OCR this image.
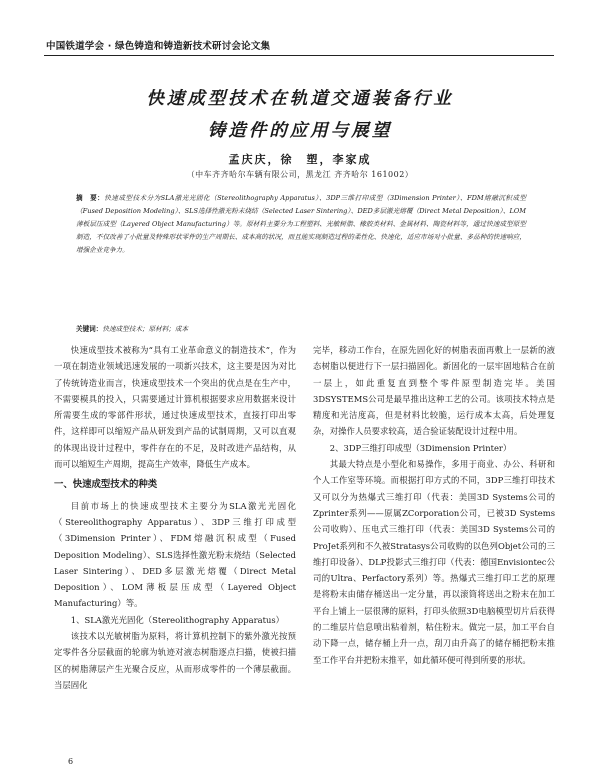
中国铁道学会 · 绿色铸造和铸造新技术研讨会论文集
快速成型技术在轨道交通装备行业
铸造件的应用与展望
孟庆庆，徐　塑，李家成
（中车齐齐哈尔车辆有限公司，黑龙江 齐齐哈尔 161002）
摘　要：快速成型技术分为SLA激光光固化（Stereolithography Apparatus）、3DP三维打印成型（3Dimension Printer）、FDM熔融沉积成型（Fused Deposition Modeling）、SLS选择性激光粉末烧结（Selected Laser Sintering）、DED多层激光熔覆（Direct Metal Deposition）、LOM薄板层压成型（Layered Object Manufacturing）等。原材料主要分为工程塑料、光敏树脂、橡胶类材料、金属材料、陶瓷材料等，通过快速成型原型制造，不仅改善了小批量及特殊形状零件的生产周期长、成本高的状况，而且能实现制造过程的柔性化、快速化，适应市场对小批量、多品种的快速响应，增强企业竞争力。
关键词：快速成型技术；原材料；成本

快速成型技术被称为“具有工业革命意义的制造技术”，作为一项在制造业领域迅速发展的一项新兴技术，这主要是因为对比了传统铸造业而言，快速成型技术一个突出的优点是在生产中，不需要模具的投入，只需要通过计算机根据要求应用数据来设计所需要生成的零部件形状，通过快速成型技术，直接打印出零件，这样即可以缩短产品从研发到产品的试制周期，又可以直观的体现出设计过程中，零件存在的不足，及时改进产品结构，从而可以缩短生产周期，提高生产效率，降低生产成本。

一、快速成型技术的种类

目前市场上的快速成型技术主要分为SLA激光光固化（Stereolithography Apparatus）、3DP三维打印成型（3Dimension Printer）、FDM熔融沉积成型（Fused Deposition Modeling）、SLS选择性激光粉末烧结（Selected Laser Sintering）、DED多层激光熔覆（Direct Metal Deposition）、LOM薄板层压成型（Layered Object Manufacturing）等。

1、SLA激光光固化（Stereolithography Apparatus）

该技术以光敏树脂为原料，将计算机控制下的紫外激光按预定零件各分层截面的轮廓为轨迹对液态树脂逐点扫描，使被扫描区的树脂薄层产生光聚合反应，从而形成零件的一个薄层截面。当层固化

完毕，移动工作台，在原先固化好的树脂表面再敷上一层新的液态树脂以便进行下一层扫描固化。新固化的一层牢固地粘合在前一层上，如此重复直到整个零件原型制造完毕。美国3DSYSTEMS公司是最早推出这种工艺的公司。该项技术特点是精度和光洁度高，但是材料比较脆，运行成本太高，后处理复杂，对操作人员要求较高，适合验证装配设计过程中用。

2、3DP三维打印成型（3Dimension Printer）

其最大特点是小型化和易操作，多用于商业、办公、科研和个人工作室等环境。而根据打印方式的不同，3DP三维打印技术又可以分为热爆式三维打印（代表：美国3D Systems公司的Zprinter系列——原属ZCorporation公司，已被3D Systems公司收购）、压电式三维打印（代表：美国3D Systems公司的ProJet系列和不久被Stratasys公司收购的以色列Objet公司的三维打印设备）、DLP投影式三维打印（代表：德国Envisiontec公司的Ultra、Perfactory系列）等。热爆式三维打印工艺的原理是将粉末由储存桶送出一定分量，再以滚筒将送出之粉末在加工平台上铺上一层很薄的原料，打印头依照3D电脑模型切片后获得的二维层片信息喷出粘着剂，粘住粉末。做完一层，加工平台自动下降一点，储存桶上升一点，刮刀由升高了的储存桶把粉末推至工作平台并把粉末推平，如此循环便可得到所要的形状。

6
